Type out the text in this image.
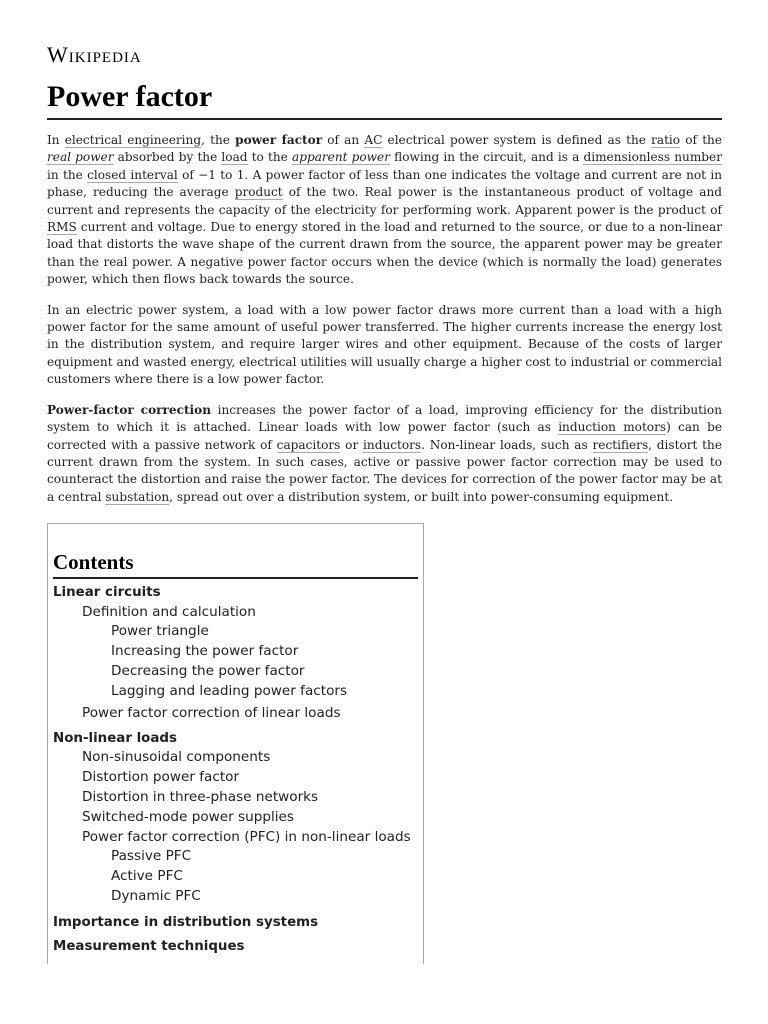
Wikipedia
Power factor

In electrical engineering, the power factor of an AC electrical power system is defined as the ratio of the real power absorbed by the load to the apparent power flowing in the circuit, and is a dimensionless number in the closed interval of −1 to 1. A power factor of less than one indicates the voltage and current are not in phase, reducing the average product of the two. Real power is the instantaneous product of voltage and current and represents the capacity of the electricity for performing work. Apparent power is the product of RMS current and voltage. Due to energy stored in the load and returned to the source, or due to a non-linear load that distorts the wave shape of the current drawn from the source, the apparent power may be greater than the real power. A negative power factor occurs when the device (which is normally the load) generates power, which then flows back towards the source.

In an electric power system, a load with a low power factor draws more current than a load with a high power factor for the same amount of useful power transferred. The higher currents increase the energy lost in the distribution system, and require larger wires and other equipment. Because of the costs of larger equipment and wasted energy, electrical utilities will usually charge a higher cost to industrial or commercial customers where there is a low power factor.

Power-factor correction increases the power factor of a load, improving efficiency for the distribution system to which it is attached. Linear loads with low power factor (such as induction motors) can be corrected with a passive network of capacitors or inductors. Non-linear loads, such as rectifiers, distort the current drawn from the system. In such cases, active or passive power factor correction may be used to counteract the distortion and raise the power factor. The devices for correction of the power factor may be at a central substation, spread out over a distribution system, or built into power-consuming equipment.

Contents
Linear circuits
Definition and calculation
Power triangle
Increasing the power factor
Decreasing the power factor
Lagging and leading power factors
Power factor correction of linear loads
Non-linear loads
Non-sinusoidal components
Distortion power factor
Distortion in three-phase networks
Switched-mode power supplies
Power factor correction (PFC) in non-linear loads
Passive PFC
Active PFC
Dynamic PFC
Importance in distribution systems
Measurement techniques
